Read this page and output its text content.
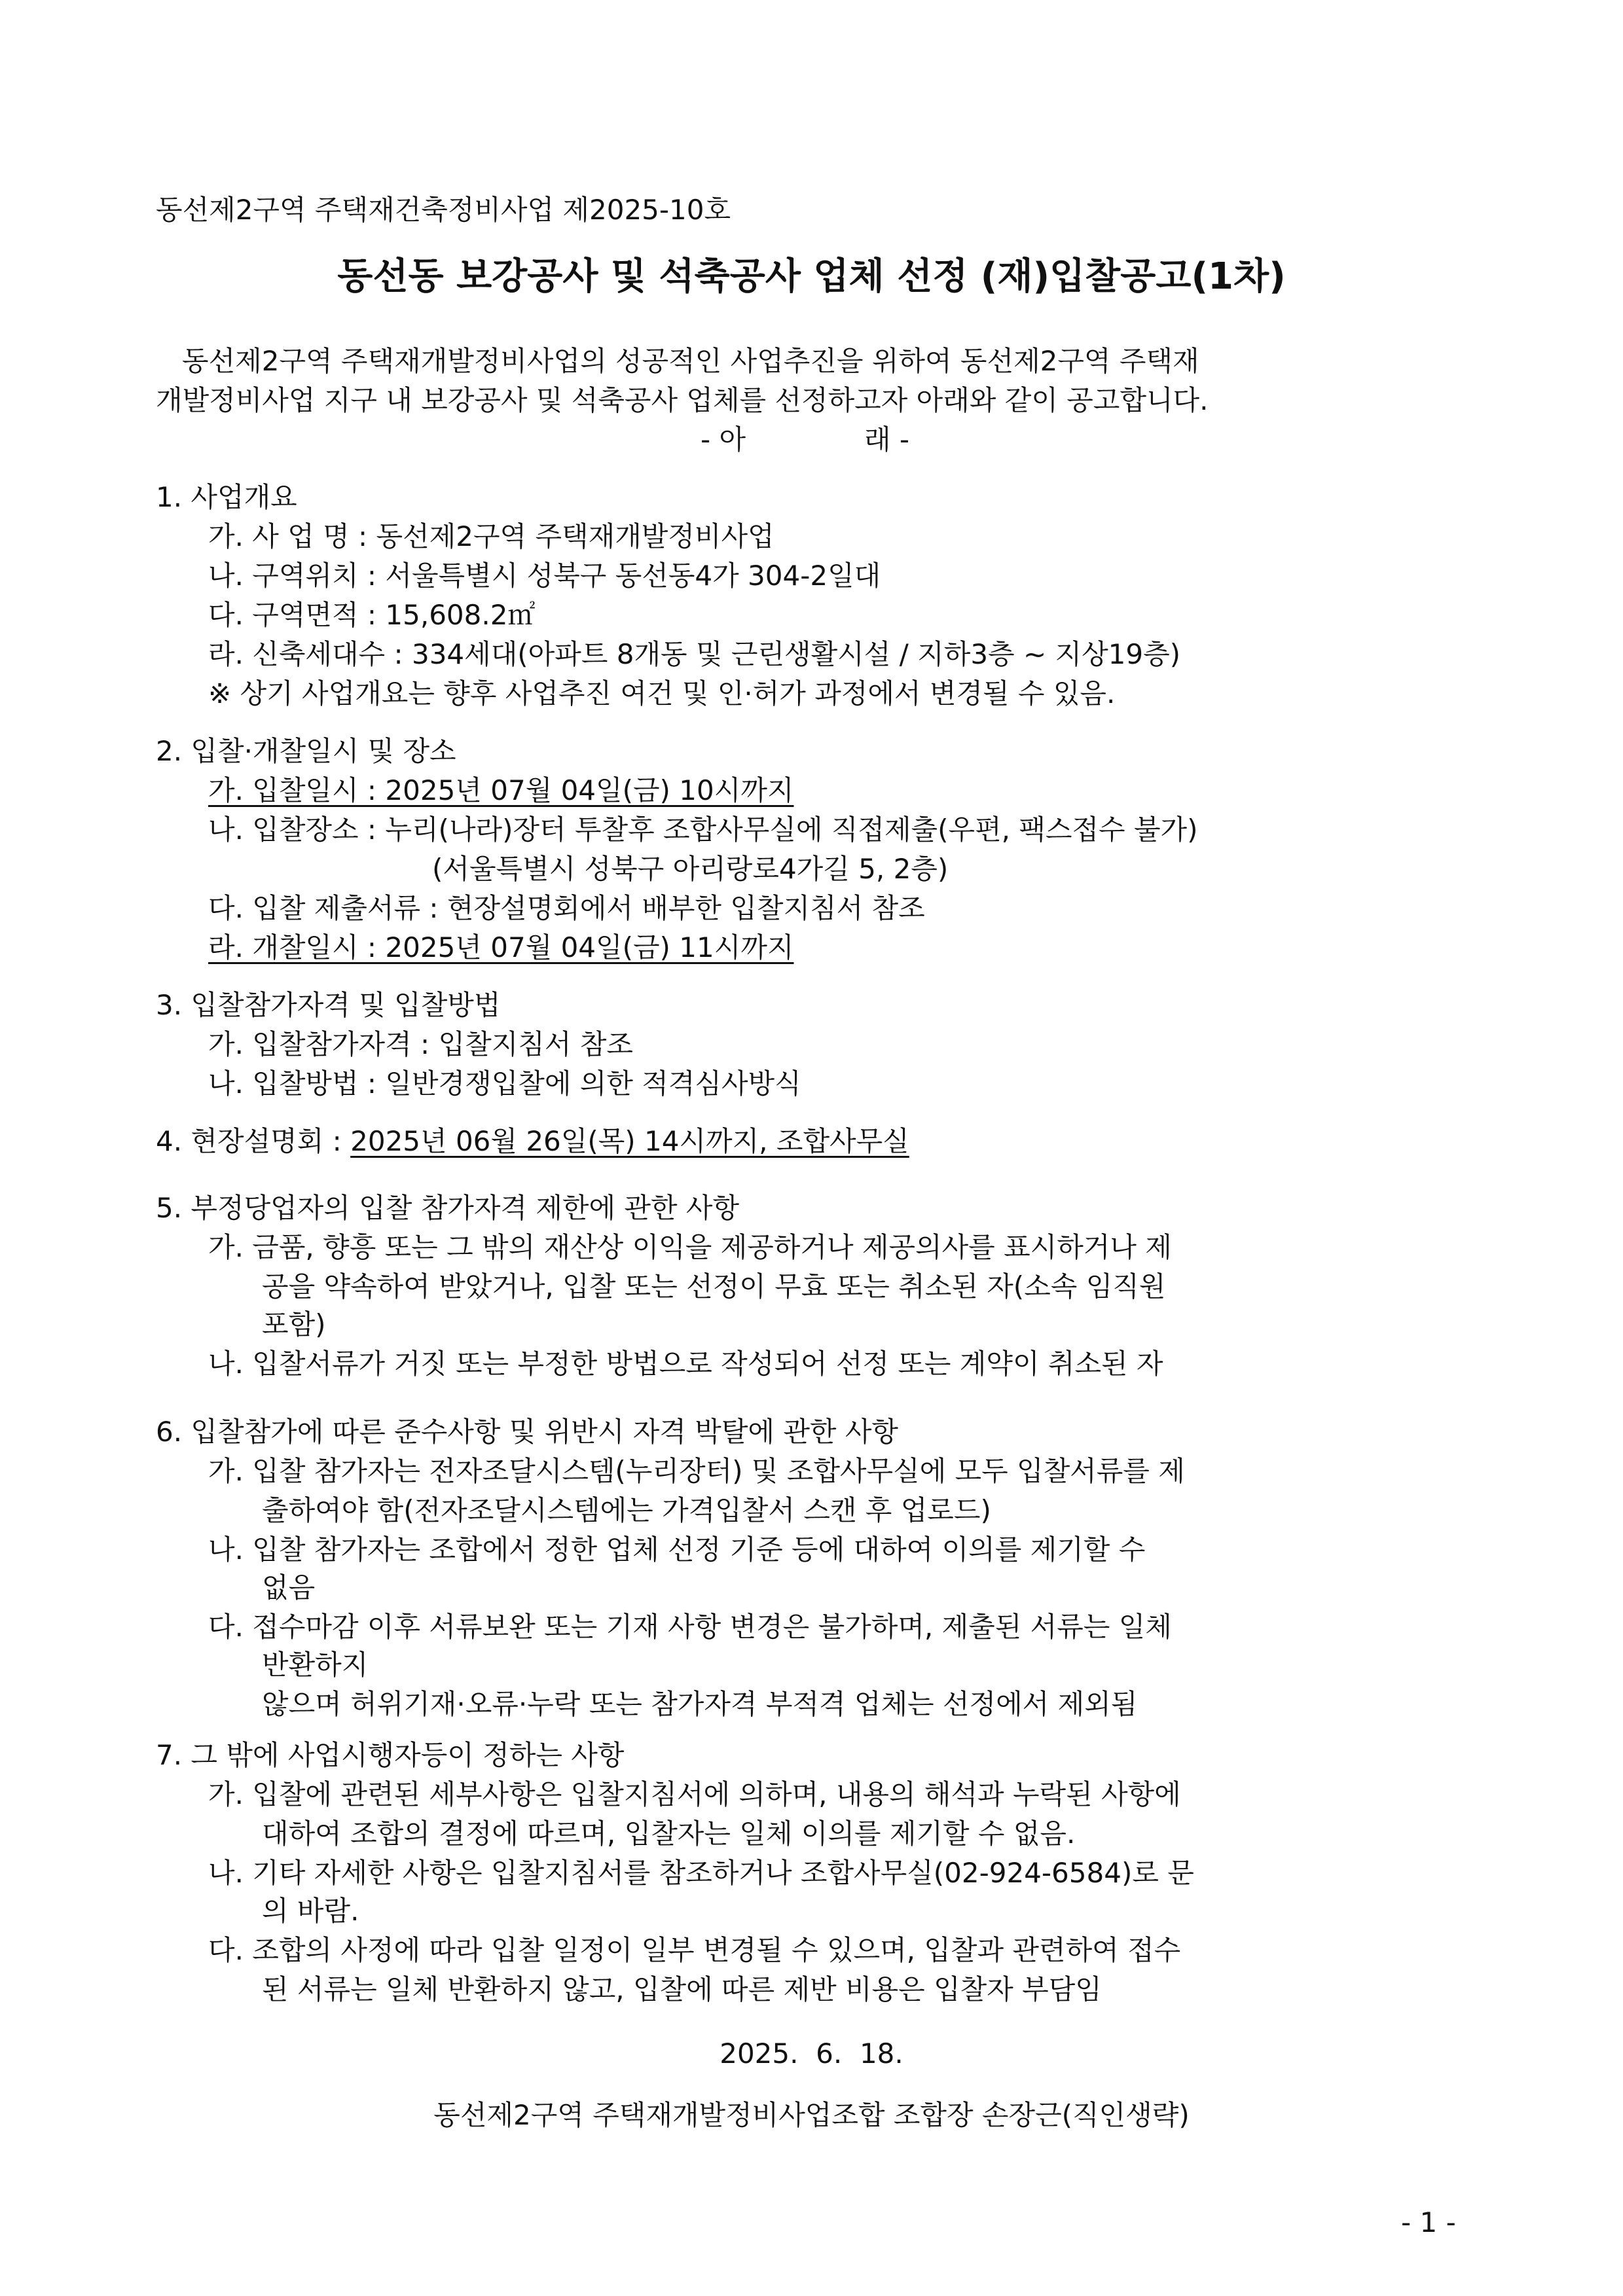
동선제2구역 주택재건축정비사업 제2025-10호
동선동 보강공사 및 석축공사 업체 선정 (재)입찰공고(1차)
동선제2구역 주택재개발정비사업의 성공적인 사업추진을 위하여 동선제2구역 주택재
개발정비사업 지구 내 보강공사 및 석축공사 업체를 선정하고자 아래와 같이 공고합니다.
- 아	래 -
1. 사업개요
가. 사 업 명 : 동선제2구역 주택재개발정비사업
나. 구역위치 : 서울특별시 성북구 동선동4가 304-2일대
다. 구역면적 : 15,608.2㎡
라. 신축세대수 : 334세대(아파트 8개동 및 근린생활시설 / 지하3층 ~ 지상19층)
※ 상기 사업개요는 향후 사업추진 여건 및 인·허가 과정에서 변경될 수 있음.
2. 입찰·개찰일시 및 장소
가. 입찰일시 : 2025년 07월 04일(금) 10시까지
나. 입찰장소 : 누리(나라)장터 투찰후 조합사무실에 직접제출(우편, 팩스접수 불가)
(서울특별시 성북구 아리랑로4가길 5, 2층)
다. 입찰 제출서류 : 현장설명회에서 배부한 입찰지침서 참조
라. 개찰일시 : 2025년 07월 04일(금) 11시까지
3. 입찰참가자격 및 입찰방법
가. 입찰참가자격 : 입찰지침서 참조
나. 입찰방법 : 일반경쟁입찰에 의한 적격심사방식
4. 현장설명회 : 2025년 06월 26일(목) 14시까지, 조합사무실
5. 부정당업자의 입찰 참가자격 제한에 관한 사항
가. 금품, 향흥 또는 그 밖의 재산상 이익을 제공하거나 제공의사를 표시하거나 제
공을 약속하여 받았거나, 입찰 또는 선정이 무효 또는 취소된 자(소속 임직원
포함)
나. 입찰서류가 거짓 또는 부정한 방법으로 작성되어 선정 또는 계약이 취소된 자
6. 입찰참가에 따른 준수사항 및 위반시 자격 박탈에 관한 사항
가. 입찰 참가자는 전자조달시스템(누리장터) 및 조합사무실에 모두 입찰서류를 제
출하여야 함(전자조달시스템에는 가격입찰서 스캔 후 업로드)
나. 입찰 참가자는 조합에서 정한 업체 선정 기준 등에 대하여 이의를 제기할 수
없음
다. 접수마감 이후 서류보완 또는 기재 사항 변경은 불가하며, 제출된 서류는 일체
반환하지
않으며 허위기재·오류·누락 또는 참가자격 부적격 업체는 선정에서 제외됨
7. 그 밖에 사업시행자등이 정하는 사항
가. 입찰에 관련된 세부사항은 입찰지침서에 의하며, 내용의 해석과 누락된 사항에
대하여 조합의 결정에 따르며, 입찰자는 일체 이의를 제기할 수 없음.
나. 기타 자세한 사항은 입찰지침서를 참조하거나 조합사무실(02-924-6584)로 문
의 바람.
다. 조합의 사정에 따라 입찰 일정이 일부 변경될 수 있으며, 입찰과 관련하여 접수
된 서류는 일체 반환하지 않고, 입찰에 따른 제반 비용은 입찰자 부담임
2025.  6.  18.
동선제2구역 주택재개발정비사업조합 조합장 손장근(직인생략)
- 1 -
